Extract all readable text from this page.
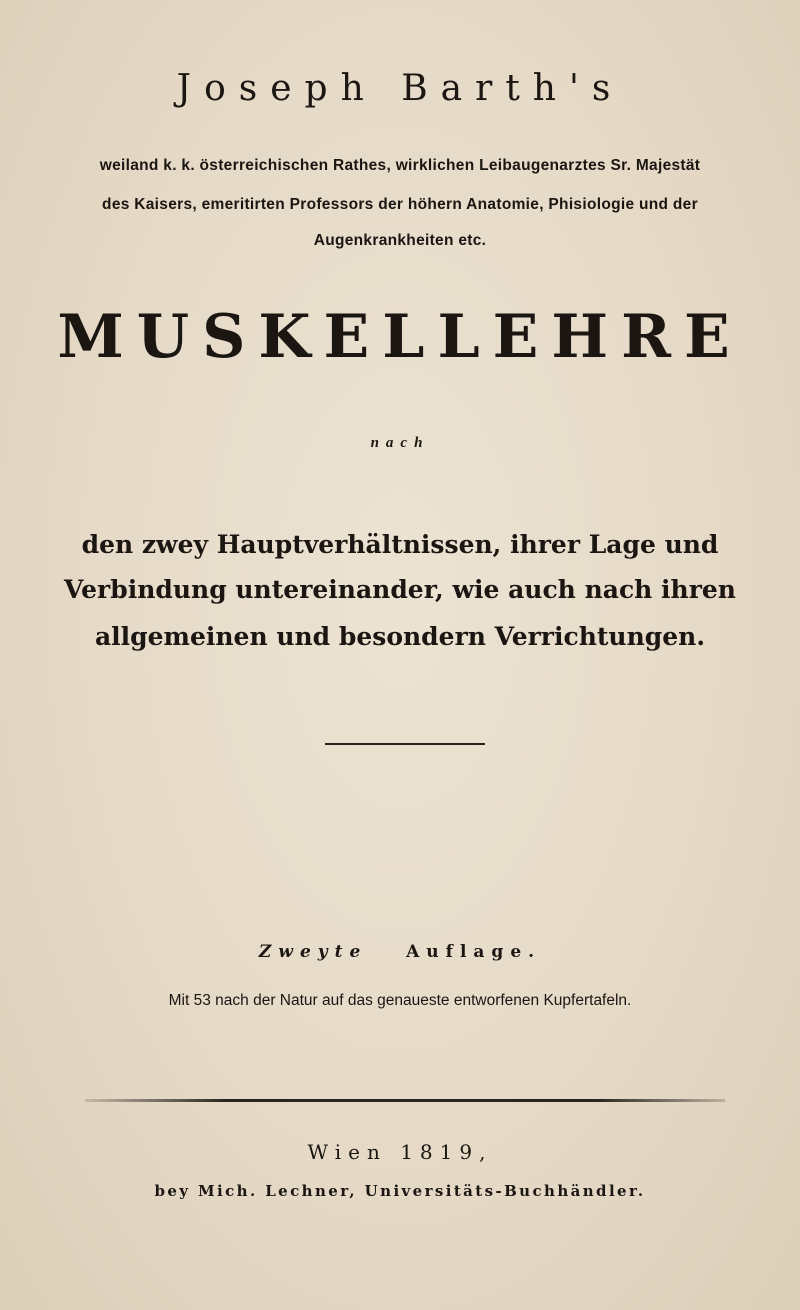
Joseph Barth's
weiland k. k. österreichischen Rathes, wirklichen Leibaugenarztes Sr. Majestät
des Kaisers, emeritirten Professors der höhern Anatomie, Phisiologie und der
Augenkrankheiten etc.
MUSKELLEHRE
nach
den zwey Hauptverhältnissen, ihrer Lage und
Verbindung untereinander, wie auch nach ihren
allgemeinen und besondern Verrichtungen.
Zweyte Auflage.
Mit 53 nach der Natur auf das genaueste entworfenen Kupfertafeln.
Wien 1819,
bey Mich. Lechner, Universitäts-Buchhändler.
